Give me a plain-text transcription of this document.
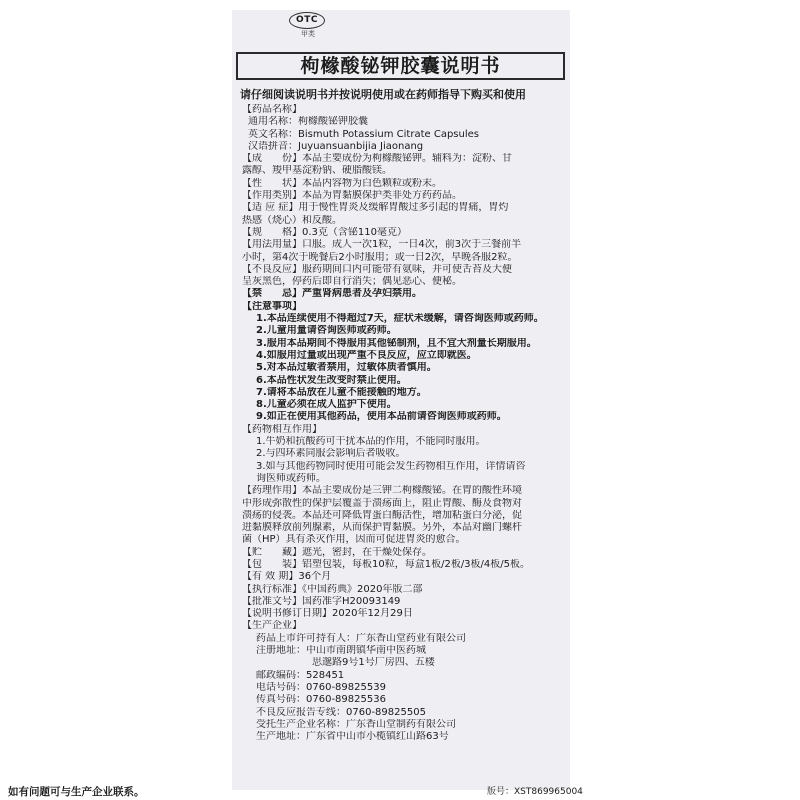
OTC
甲类
枸橼酸铋钾胶囊说明书
请仔细阅读说明书并按说明使用或在药师指导下购买和使用
【药品名称】
通用名称：枸橼酸铋钾胶囊
英文名称：Bismuth Potassium Citrate Capsules
汉语拼音：Juyuansuanbijia Jiaonang
【成　　份】本品主要成份为枸橼酸铋钾。辅料为：淀粉、甘
露醇、羧甲基淀粉钠、硬脂酸镁。
【性　　状】本品内容物为白色颗粒或粉末。
【作用类别】本品为胃黏膜保护类非处方药药品。
【适 应 症】用于慢性胃炎及缓解胃酸过多引起的胃痛，胃灼
热感（烧心）和反酸。
【规　　格】0.3克（含铋110毫克）
【用法用量】口服。成人一次1粒，一日4次，前3次于三餐前半
小时，第4次于晚餐后2小时服用；或一日2次，早晚各服2粒。
【不良反应】服药期间口内可能带有氨味，并可使舌苔及大便
呈灰黑色，停药后即自行消失；偶见恶心、便秘。
【禁　　忌】严重肾病患者及孕妇禁用。
【注意事项】
1.本品连续使用不得超过7天，症状未缓解，请咨询医师或药师。
2.儿童用量请咨询医师或药师。
3.服用本品期间不得服用其他铋制剂，且不宜大剂量长期服用。
4.如服用过量或出现严重不良反应，应立即就医。
5.对本品过敏者禁用，过敏体质者慎用。
6.本品性状发生改变时禁止使用。
7.请将本品放在儿童不能接触的地方。
8.儿童必须在成人监护下使用。
9.如正在使用其他药品，使用本品前请咨询医师或药师。
【药物相互作用】
1.牛奶和抗酸药可干扰本品的作用，不能同时服用。
2.与四环素同服会影响后者吸收。
3.如与其他药物同时使用可能会发生药物相互作用，详情请咨
询医师或药师。
【药理作用】本品主要成份是三钾二枸橼酸铋。在胃的酸性环境
中形成弥散性的保护层覆盖于溃疡面上，阻止胃酸、酶及食物对
溃疡的侵袭。本品还可降低胃蛋白酶活性，增加粘蛋白分泌，促
进黏膜释放前列腺素，从而保护胃黏膜。另外，本品对幽门螺杆
菌（HP）具有杀灭作用，因而可促进胃炎的愈合。
【贮　　藏】遮光，密封，在干燥处保存。
【包　　装】铝塑包装，每板10粒，每盒1板/2板/3板/4板/5板。
【有 效 期】36个月
【执行标准】《中国药典》2020年版二部
【批准文号】国药准字H20093149
【说明书修订日期】2020年12月29日
【生产企业】
药品上市许可持有人：广东香山堂药业有限公司
注册地址：中山市南朗镇华南中医药城
思邈路9号1号厂房四、五楼
邮政编码：528451
电话号码：0760-89825539
传真号码：0760-89825536
不良反应报告专线：0760-89825505
受托生产企业名称：广东香山堂制药有限公司
生产地址：广东省中山市小榄镇红山路63号
如有问题可与生产企业联系。	版号：XST869965004
